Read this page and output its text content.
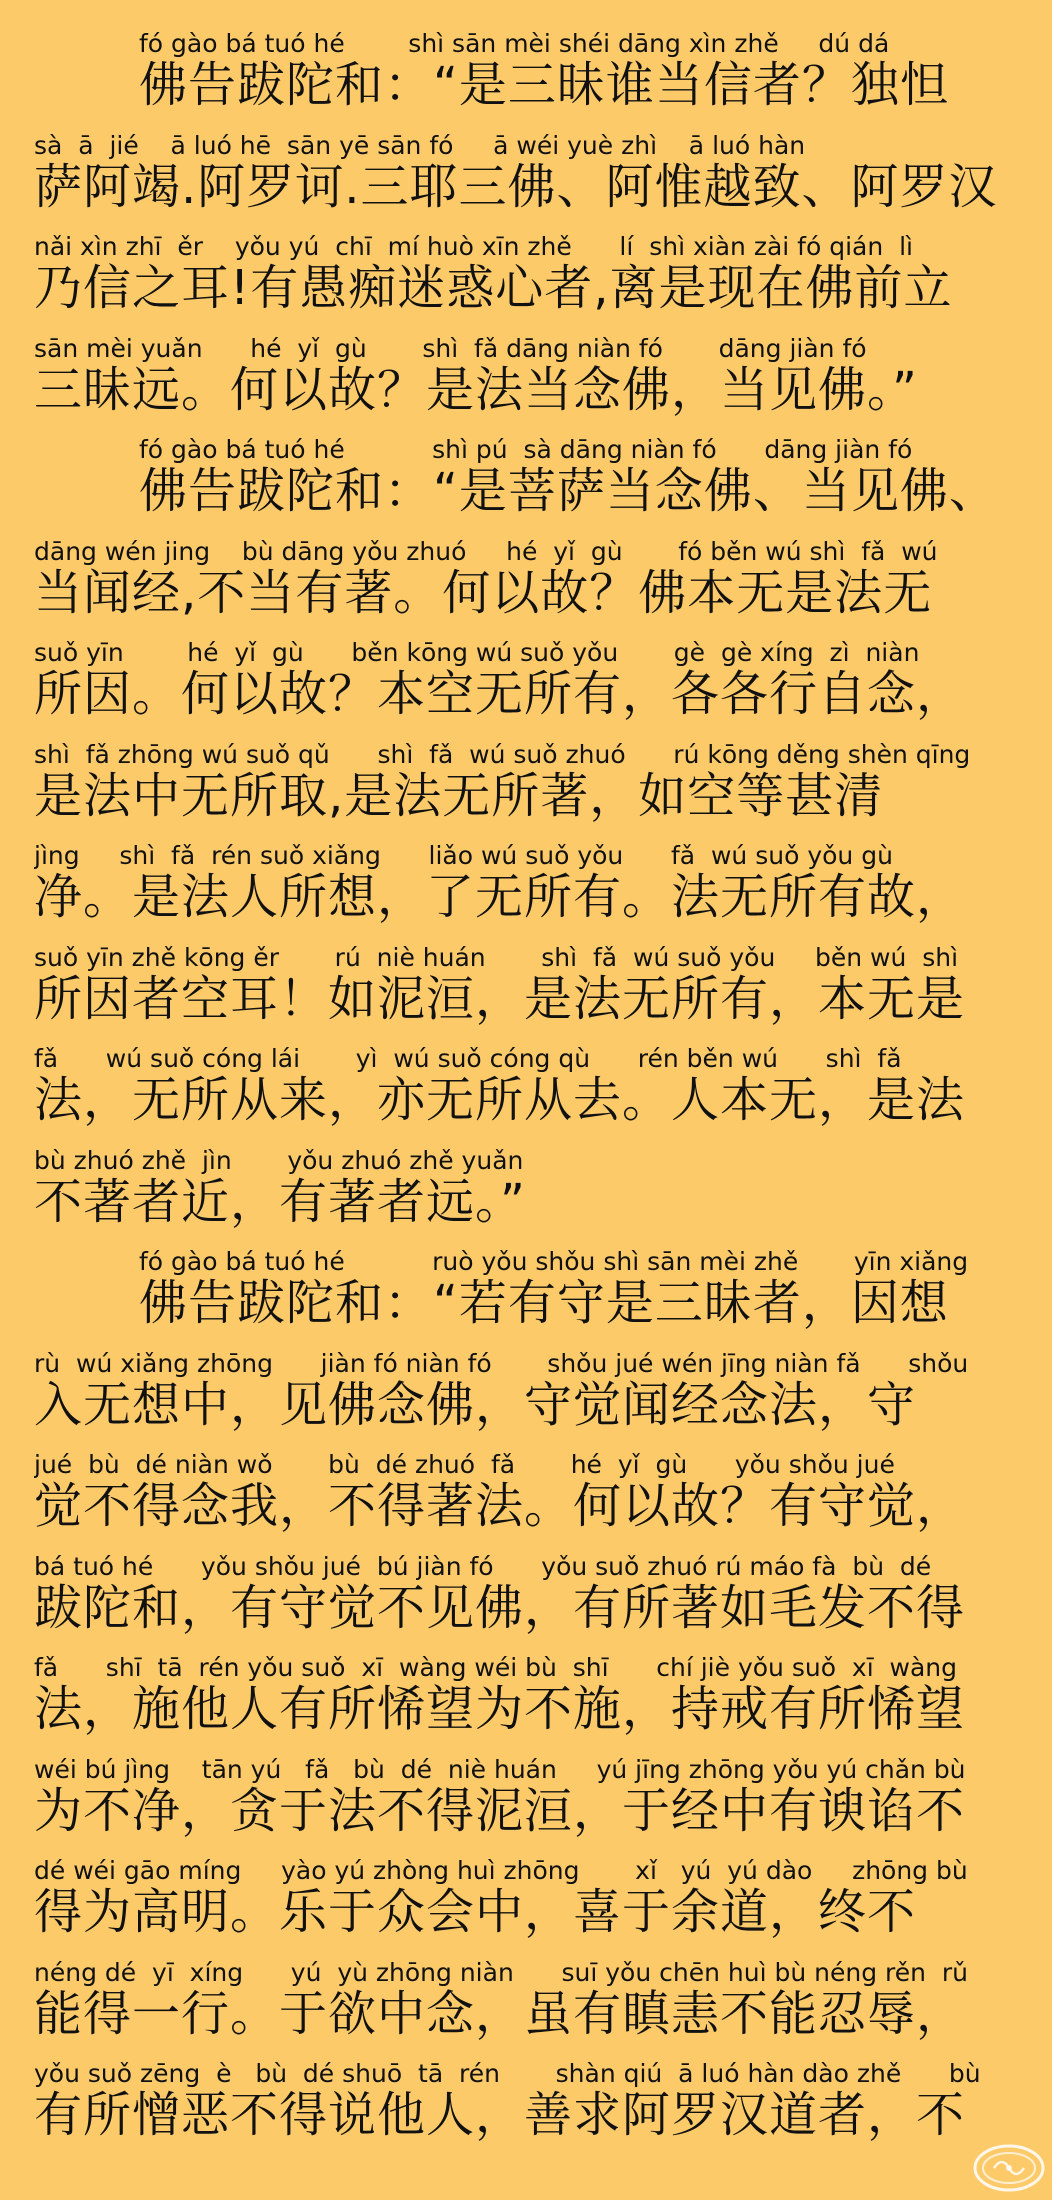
fó gào bá tuó hé        shì sān mèi shéi dāng xìn zhě     dú dá
佛告跋陀和：“是三昧谁当信者？独怛
sà  ā  jié    ā luó hē  sān yē sān fó     ā wéi yuè zhì    ā luó hàn
萨阿竭.阿罗诃.三耶三佛、阿惟越致、阿罗汉
nǎi xìn zhī  ěr    yǒu yú  chī  mí huò xīn zhě      lí  shì xiàn zài fó qián  lì
乃信之耳!有愚痴迷惑心者,离是现在佛前立
sān mèi yuǎn      hé  yǐ  gù       shì  fǎ dāng niàn fó       dāng jiàn fó
三昧远。何以故？是法当念佛，当见佛。”
fó gào bá tuó hé           shì pú  sà dāng niàn fó      dāng jiàn fó
佛告跋陀和：“是菩萨当念佛、当见佛、
dāng wén jing    bù dāng yǒu zhuó     hé  yǐ  gù       fó běn wú shì  fǎ  wú
当闻经,不当有著。何以故？佛本无是法无
suǒ yīn        hé  yǐ  gù      běn kōng wú suǒ yǒu       gè  gè xíng  zì  niàn
所因。何以故？本空无所有，各各行自念，
shì  fǎ zhōng wú suǒ qǔ      shì  fǎ  wú suǒ zhuó      rú kōng děng shèn qīng
是法中无所取,是法无所著，如空等甚清
jìng     shì  fǎ  rén suǒ xiǎng      liǎo wú suǒ yǒu      fǎ  wú suǒ yǒu gù
净。是法人所想，了无所有。法无所有故，
suǒ yīn zhě kōng ěr       rú  niè huán       shì  fǎ  wú suǒ yǒu     běn wú  shì
所因者空耳！如泥洹，是法无所有，本无是
fǎ      wú suǒ cóng lái       yì  wú suǒ cóng qù      rén běn wú      shì  fǎ
法，无所从来，亦无所从去。人本无，是法
bù zhuó zhě  jìn       yǒu zhuó zhě yuǎn
不著者近，有著者远。”
fó gào bá tuó hé           ruò yǒu shǒu shì sān mèi zhě       yīn xiǎng
佛告跋陀和：“若有守是三昧者，因想
rù  wú xiǎng zhōng      jiàn fó niàn fó       shǒu jué wén jīng niàn fǎ      shǒu
入无想中，见佛念佛，守觉闻经念法，守
jué  bù  dé niàn wǒ       bù  dé zhuó  fǎ       hé  yǐ  gù      yǒu shǒu jué
觉不得念我，不得著法。何以故？有守觉，
bá tuó hé      yǒu shǒu jué  bú jiàn fó      yǒu suǒ zhuó rú máo fà  bù  dé
跋陀和，有守觉不见佛，有所著如毛发不得
fǎ      shī  tā  rén yǒu suǒ  xī  wàng wéi bù  shī      chí jiè yǒu suǒ  xī  wàng
法，施他人有所悕望为不施，持戒有所悕望
wéi bú jìng    tān yú   fǎ   bù  dé  niè huán     yú jīng zhōng yǒu yú chǎn bù
为不净，贪于法不得泥洹，于经中有谀谄不
dé wéi gāo míng     yào yú zhòng huì zhōng       xǐ   yú  yú dào     zhōng bù
得为高明。乐于众会中，喜于余道，终不
néng dé  yī  xíng      yú  yù zhōng niàn      suī yǒu chēn huì bù néng rěn  rǔ
能得一行。于欲中念，虽有瞋恚不能忍辱，
yǒu suǒ zēng  è   bù  dé shuō  tā  rén       shàn qiú  ā luó hàn dào zhě      bù
有所憎恶不得说他人，善求阿罗汉道者，不
